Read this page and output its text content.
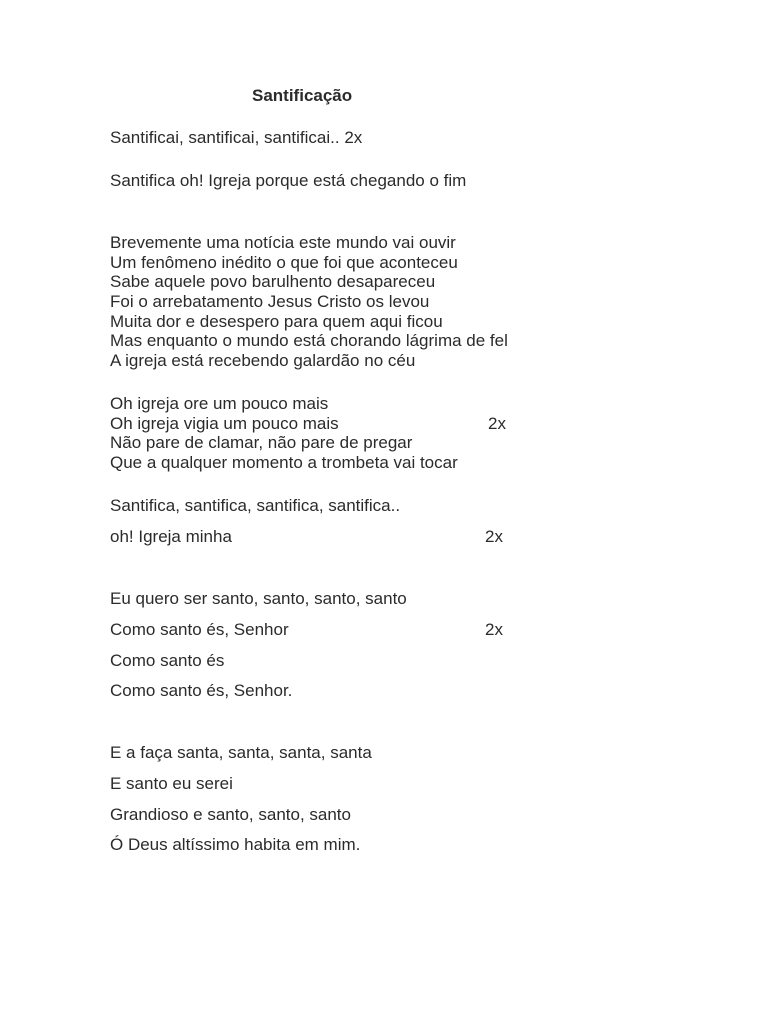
Santificação
Santificai, santificai, santificai.. 2x
Santifica oh! Igreja porque está chegando o fim
Brevemente uma notícia este mundo vai ouvir
Um fenômeno inédito o que foi que aconteceu
Sabe aquele povo barulhento desapareceu
Foi o arrebatamento Jesus Cristo os levou
Muita dor e desespero para quem aqui ficou
Mas enquanto o mundo está chorando lágrima de fel
A igreja está recebendo galardão no céu
Oh igreja ore um pouco mais
Oh igreja vigia um pouco mais	2x
Não pare de clamar, não pare de pregar
Que a qualquer momento a trombeta vai tocar
Santifica, santifica, santifica, santifica..
oh! Igreja minha	2x
Eu quero ser santo, santo, santo, santo
Como santo és, Senhor	2x
Como santo és
Como santo és, Senhor.
E a faça santa, santa, santa, santa
E santo eu serei
Grandioso e santo, santo, santo
Ó Deus altíssimo habita em mim.
